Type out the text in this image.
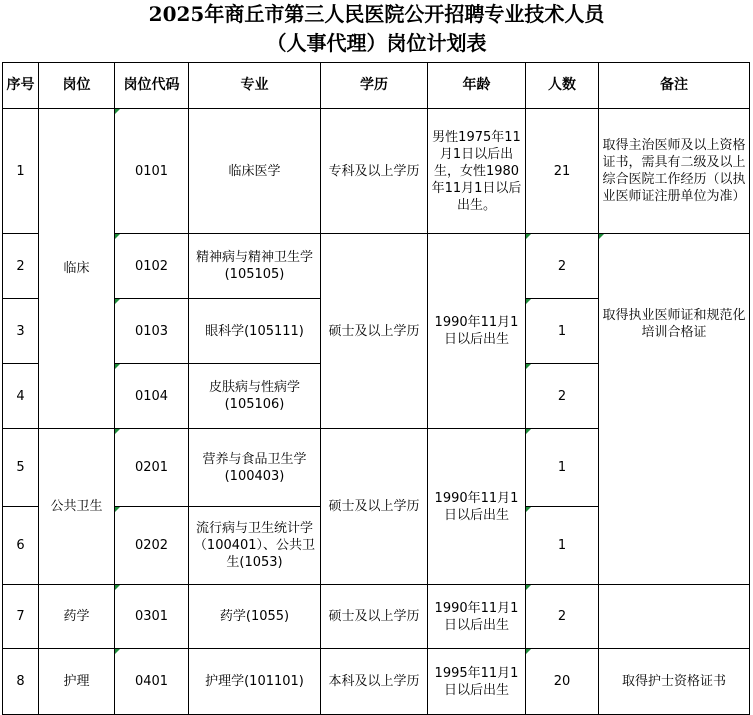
2025年商丘市第三人民医院公开招聘专业技术人员
（人事代理）岗位计划表
序号	岗位	岗位代码	专业	学历	年龄	人数	备注
1	临床	0101	临床医学	专科及以上学历	男性1975年11月1日以后出生，女性1980年11月1日以后出生。	21	取得主治医师及以上资格证书，需具有二级及以上综合医院工作经历（以执业医师证注册单位为准）
2		0102	精神病与精神卫生学(105105)	硕士及以上学历	1990年11月1日以后出生	2	取得执业医师证和规范化培训合格证

3		0103	眼科学(105111)			1	
4		0104	皮肤病与性病学(105106)			2	
5	公共卫生	0201	营养与食品卫生学(100403)	硕士及以上学历	1990年11月1日以后出生	1	
6		0202	流行病与卫生统计学（100401）、公共卫生(1053)			1	
7	药学	0301	药学(1055)	硕士及以上学历	1990年11月1日以后出生	2	
8	护理	0401	护理学(101101)	本科及以上学历	1995年11月1日以后出生	20	取得护士资格证书
